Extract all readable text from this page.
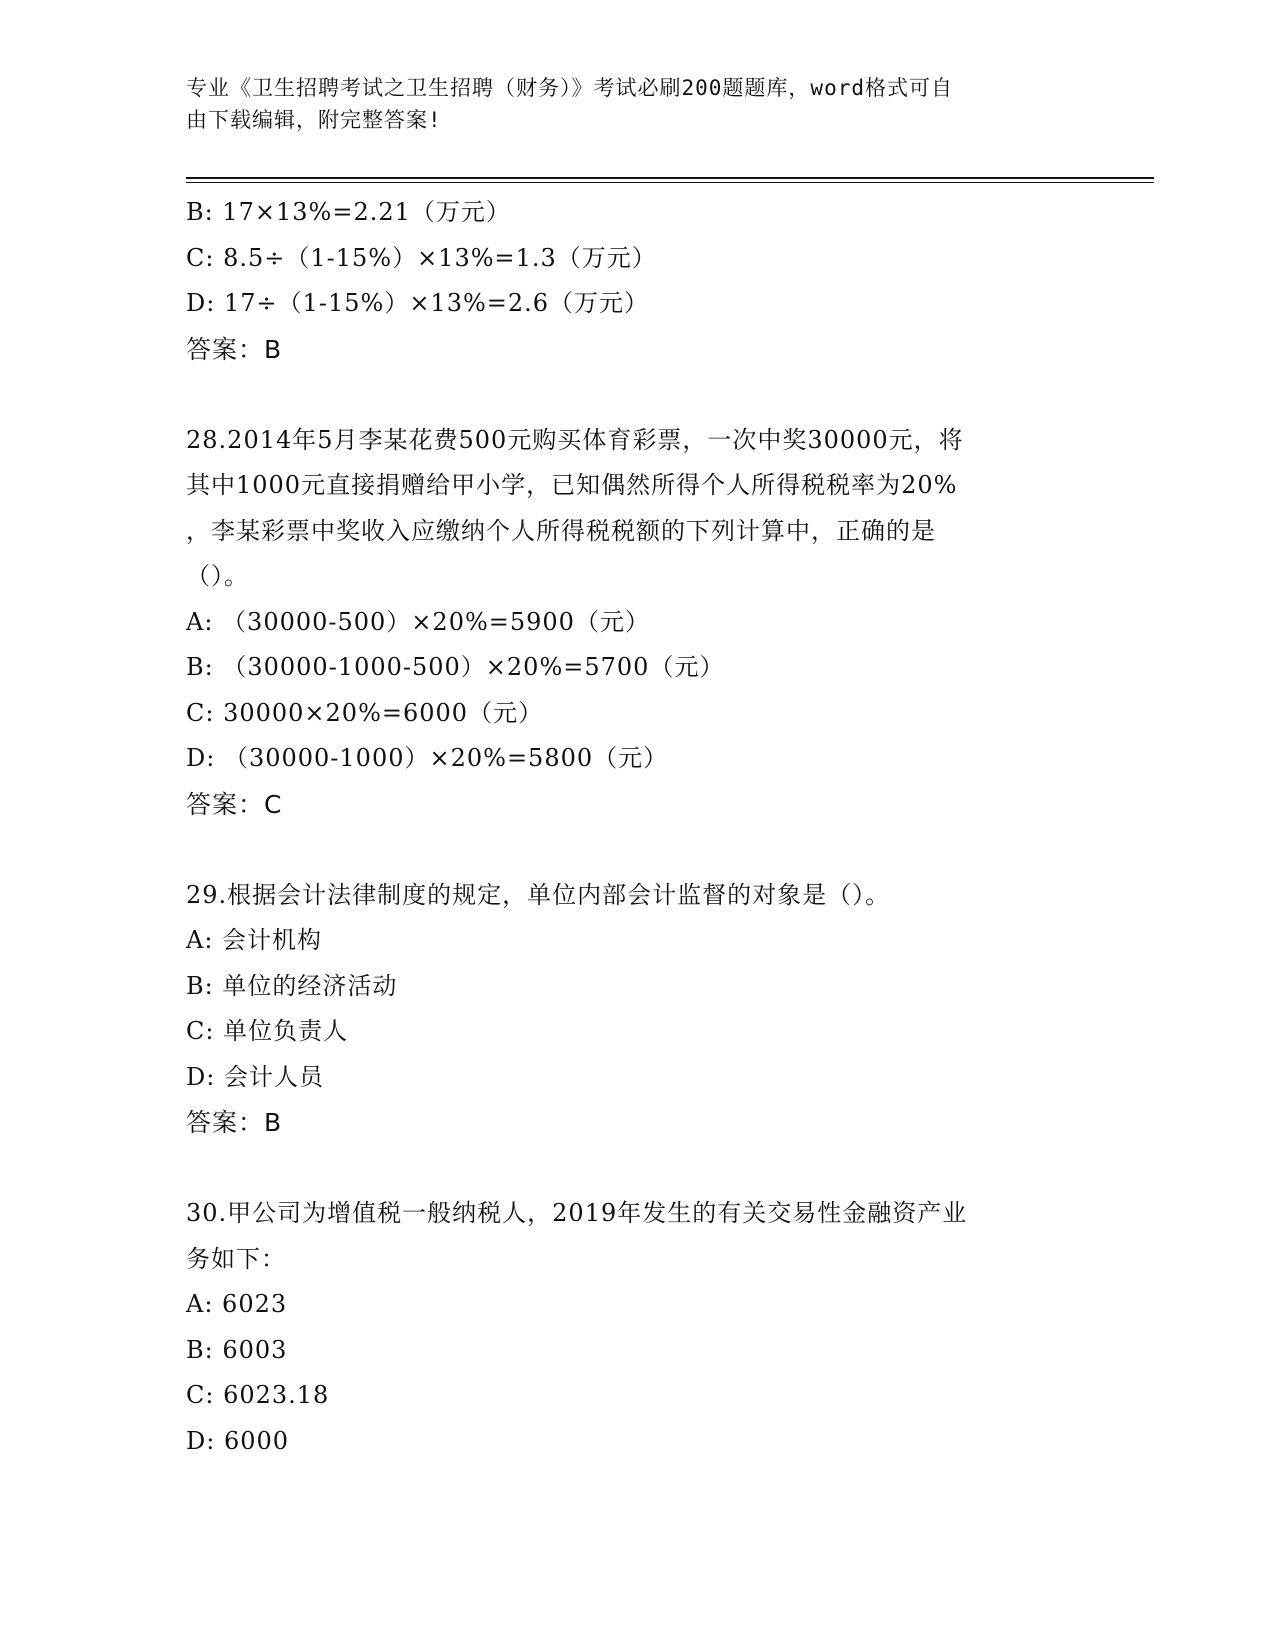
专业《卫生招聘考试之卫生招聘（财务）》考试必刷200题题库，word格式可自
由下载编辑，附完整答案!
B: 17×13%=2.21（万元）
C: 8.5÷（1-15%）×13%=1.3（万元）
D: 17÷（1-15%）×13%=2.6（万元）
答案：B
28.2014年5月李某花费500元购买体育彩票，一次中奖30000元，将
其中1000元直接捐赠给甲小学，已知偶然所得个人所得税税率为20%
，李某彩票中奖收入应缴纳个人所得税税额的下列计算中，正确的是
（）。
A: （30000-500）×20%=5900（元）
B: （30000-1000-500）×20%=5700（元）
C: 30000×20%=6000（元）
D: （30000-1000）×20%=5800（元）
答案：C
29.根据会计法律制度的规定，单位内部会计监督的对象是（）。
A: 会计机构
B: 单位的经济活动
C: 单位负责人
D: 会计人员
答案：B
30.甲公司为增值税一般纳税人，2019年发生的有关交易性金融资产业
务如下：
A: 6023
B: 6003
C: 6023.18
D: 6000
